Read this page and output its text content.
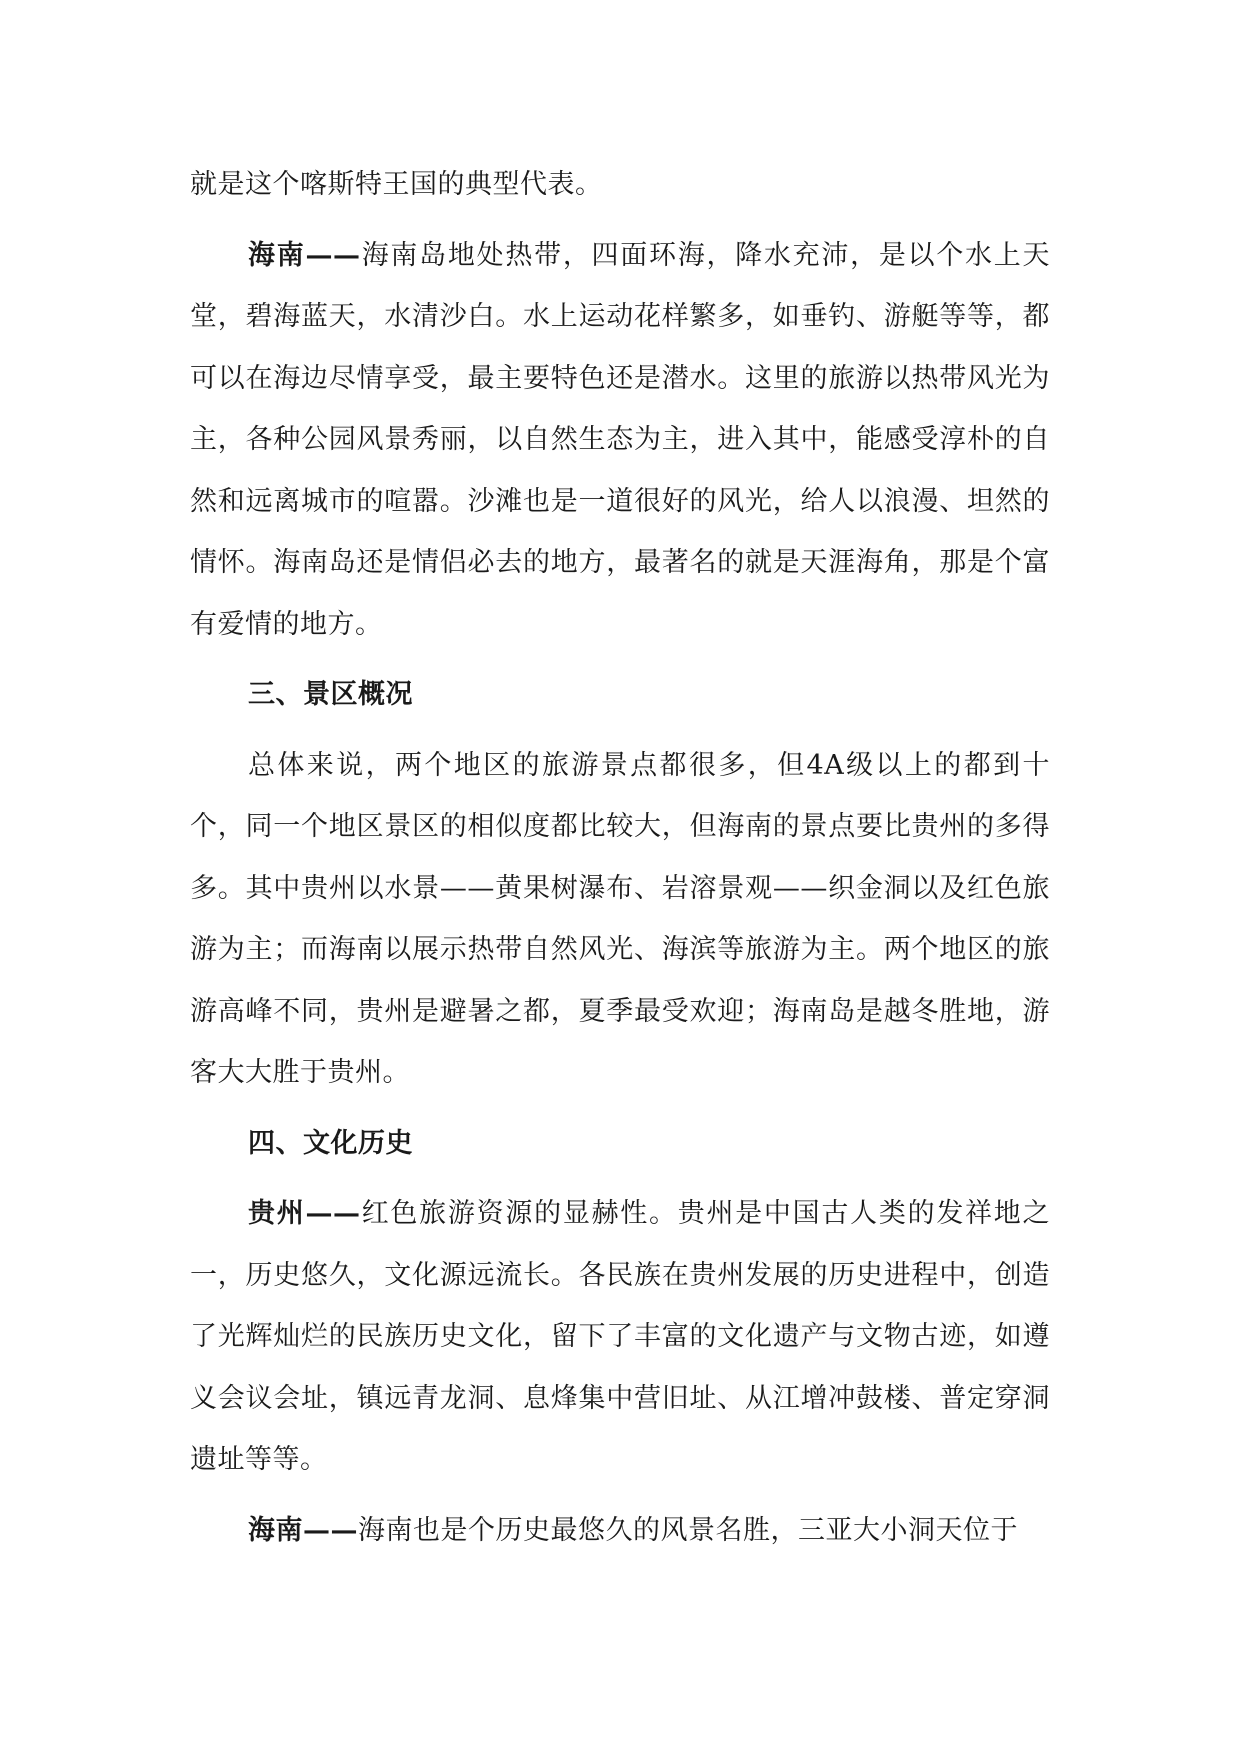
就是这个喀斯特王国的典型代表。

海南——海南岛地处热带，四面环海，降水充沛，是以个水上天堂，碧海蓝天，水清沙白。水上运动花样繁多，如垂钓、游艇等等，都可以在海边尽情享受，最主要特色还是潜水。这里的旅游以热带风光为主，各种公园风景秀丽，以自然生态为主，进入其中，能感受淳朴的自然和远离城市的喧嚣。沙滩也是一道很好的风光，给人以浪漫、坦然的情怀。海南岛还是情侣必去的地方，最著名的就是天涯海角，那是个富有爱情的地方。

三、景区概况

总体来说，两个地区的旅游景点都很多，但4A级以上的都到十个，同一个地区景区的相似度都比较大，但海南的景点要比贵州的多得多。其中贵州以水景——黄果树瀑布、岩溶景观——织金洞以及红色旅游为主；而海南以展示热带自然风光、海滨等旅游为主。两个地区的旅游高峰不同，贵州是避暑之都，夏季最受欢迎；海南岛是越冬胜地，游客大大胜于贵州。

四、文化历史

贵州——红色旅游资源的显赫性。贵州是中国古人类的发祥地之一，历史悠久，文化源远流长。各民族在贵州发展的历史进程中，创造了光辉灿烂的民族历史文化，留下了丰富的文化遗产与文物古迹，如遵义会议会址，镇远青龙洞、息烽集中营旧址、从江增冲鼓楼、普定穿洞遗址等等。

海南——海南也是个历史最悠久的风景名胜，三亚大小洞天位于
